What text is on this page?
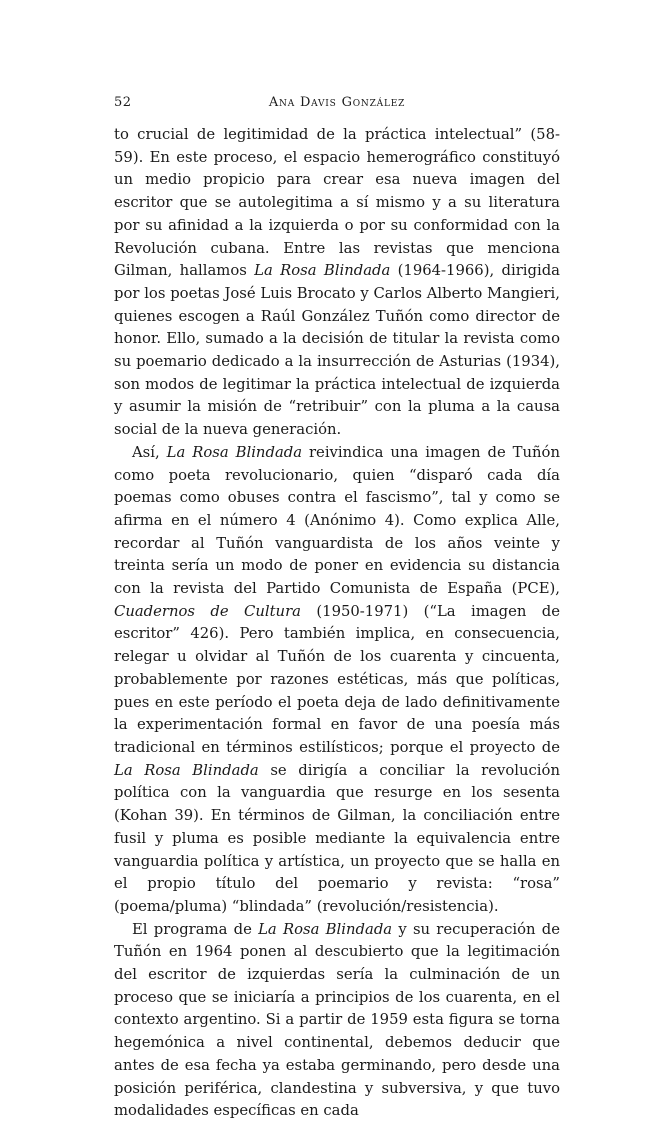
52	Ana Davis González

to crucial de legitimidad de la práctica intelectual” (58-59). En este proceso, el espacio hemerográfico constituyó un medio propicio para crear esa nueva imagen del escritor que se autolegitima a sí mismo y a su literatura por su afinidad a la izquierda o por su conformidad con la Revolución cubana. Entre las revistas que menciona Gilman, hallamos La Rosa Blindada (1964-1966), dirigida por los poetas José Luis Brocato y Carlos Alberto Mangieri, quienes escogen a Raúl González Tuñón como director de honor. Ello, sumado a la decisión de titular la revista como su poemario dedicado a la insurrección de Asturias (1934), son modos de legitimar la práctica intelectual de izquierda y asumir la misión de “retribuir” con la pluma a la causa social de la nueva generación.

Así, La Rosa Blindada reivindica una imagen de Tuñón como poeta revolucionario, quien “disparó cada día poemas como obuses contra el fascismo”, tal y como se afirma en el número 4 (Anónimo 4). Como explica Alle, recordar al Tuñón vanguardista de los años veinte y treinta sería un modo de poner en evidencia su distancia con la revista del Partido Comunista de España (PCE), Cuadernos de Cultura (1950-1971) (“La imagen de escritor” 426). Pero también implica, en consecuencia, relegar u olvidar al Tuñón de los cuarenta y cincuenta, probablemente por razones estéticas, más que políticas, pues en este período el poeta deja de lado definitivamente la experimentación formal en favor de una poesía más tradicional en términos estilísticos; porque el proyecto de La Rosa Blindada se dirigía a conciliar la revolución política con la vanguardia que resurge en los sesenta (Kohan 39). En términos de Gilman, la conciliación entre fusil y pluma es posible mediante la equivalencia entre vanguardia política y artística, un proyecto que se halla en el propio título del poemario y revista: “rosa” (poema/pluma) “blindada” (revolución/resistencia).

El programa de La Rosa Blindada y su recuperación de Tuñón en 1964 ponen al descubierto que la legitimación del escritor de izquierdas sería la culminación de un proceso que se iniciaría a principios de los cuarenta, en el contexto argentino. Si a partir de 1959 esta figura se torna hegemónica a nivel continental, debemos deducir que antes de esa fecha ya estaba germinando, pero desde una posición periférica, clandestina y subversiva, y que tuvo modalidades específicas en cada
